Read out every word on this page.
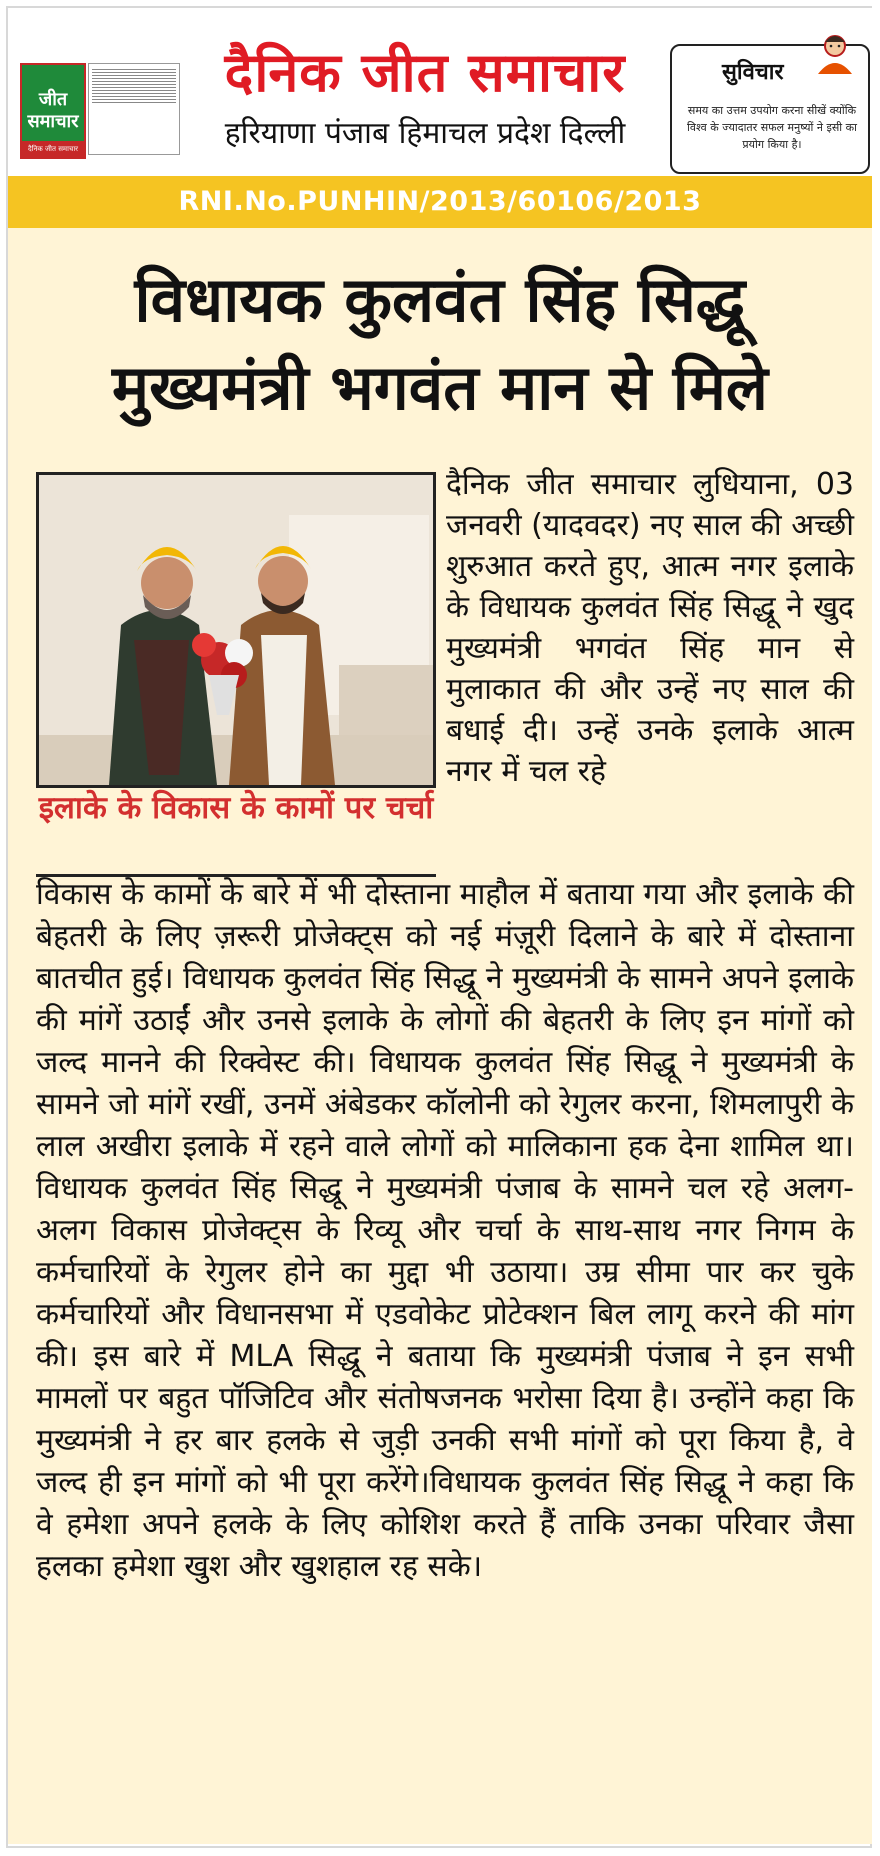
जीत
समाचार
दैनिक जीत समाचार
दैनिक जीत समाचार
हरियाणा पंजाब हिमाचल प्रदेश दिल्ली
सुविचार
समय का उत्तम उपयोग करना सीखें क्योंकि विश्व के ज्यादातर सफल मनुष्यों ने इसी का प्रयोग किया है।
RNI.No.PUNHIN/2013/60106/2013
विधायक कुलवंत सिंह सिद्धू
मुख्यमंत्री भगवंत मान से मिले
इलाके के विकास के कामों पर चर्चा
दैनिक जीत समाचार लुधियाना, 03 जनवरी (यादवदर) नए साल की अच्छी शुरुआत करते हुए, आत्म नगर इलाके के विधायक कुलवंत सिंह सिद्धू ने खुद मुख्यमंत्री भगवंत सिंह मान से मुलाकात की और उन्हें नए साल की बधाई दी। उन्हें उनके इलाके आत्म नगर में चल रहे
विकास के कामों के बारे में भी दोस्ताना माहौल में बताया गया और इलाके की बेहतरी के लिए ज़रूरी प्रोजेक्ट्स को नई मंज़ूरी दिलाने के बारे में दोस्ताना बातचीत हुई। विधायक कुलवंत सिंह सिद्धू ने मुख्यमंत्री के सामने अपने इलाके की मांगें उठाईं और उनसे इलाके के लोगों की बेहतरी के लिए इन मांगों को जल्द मानने की रिक्वेस्ट की। विधायक कुलवंत सिंह सिद्धू ने मुख्यमंत्री के सामने जो मांगें रखीं, उनमें अंबेडकर कॉलोनी को रेगुलर करना, शिमलापुरी के लाल अखीरा इलाके में रहने वाले लोगों को मालिकाना हक देना शामिल था। विधायक कुलवंत सिंह सिद्धू ने मुख्यमंत्री पंजाब के सामने चल रहे अलग-अलग विकास प्रोजेक्ट्स के रिव्यू और चर्चा के साथ-साथ नगर निगम के कर्मचारियों के रेगुलर होने का मुद्दा भी उठाया। उम्र सीमा पार कर चुके कर्मचारियों और विधानसभा में एडवोकेट प्रोटेक्शन बिल लागू करने की मांग की। इस बारे में MLA सिद्धू ने बताया कि मुख्यमंत्री पंजाब ने इन सभी मामलों पर बहुत पॉजिटिव और संतोषजनक भरोसा दिया है। उन्होंने कहा कि मुख्यमंत्री ने हर बार हलके से जुड़ी उनकी सभी मांगों को पूरा किया है, वे जल्द ही इन मांगों को भी पूरा करेंगे।विधायक कुलवंत सिंह सिद्धू ने कहा कि वे हमेशा अपने हलके के लिए कोशिश करते हैं ताकि उनका परिवार जैसा हलका हमेशा खुश और खुशहाल रह सके।
